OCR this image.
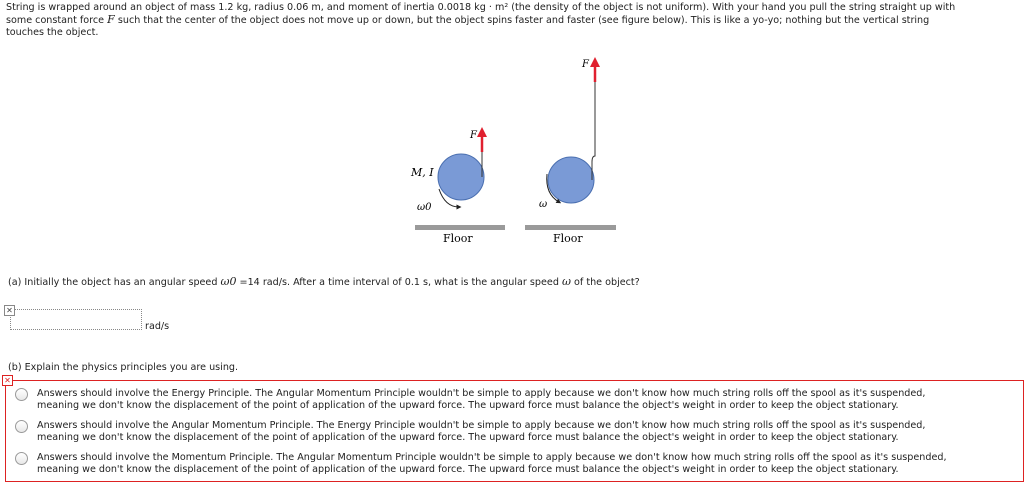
String is wrapped around an object of mass 1.2 kg, radius 0.06 m, and moment of inertia 0.0018 kg · m² (the density of the object is not uniform). With your hand you pull the string straight up with
some constant force F such that the center of the object does not move up or down, but the object spins faster and faster (see figure below). This is like a yo-yo; nothing but the vertical string
touches the object.
F
M, I
ω0
Floor
F
ω
Floor
(a) Initially the object has an angular speed ω0 =14 rad/s. After a time interval of 0.1 s, what is the angular speed ω of the object?
✕
rad/s
(b) Explain the physics principles you are using.
Answers should involve the Energy Principle. The Angular Momentum Principle wouldn't be simple to apply because we don't know how much string rolls off the spool as it's suspended,
meaning we don't know the displacement of the point of application of the upward force. The upward force must balance the object's weight in order to keep the object stationary.
Answers should involve the Angular Momentum Principle. The Energy Principle wouldn't be simple to apply because we don't know how much string rolls off the spool as it's suspended,
meaning we don't know the displacement of the point of application of the upward force. The upward force must balance the object's weight in order to keep the object stationary.
Answers should involve the Momentum Principle. The Angular Momentum Principle wouldn't be simple to apply because we don't know how much string rolls off the spool as it's suspended,
meaning we don't know the displacement of the point of application of the upward force. The upward force must balance the object's weight in order to keep the object stationary.
✕
